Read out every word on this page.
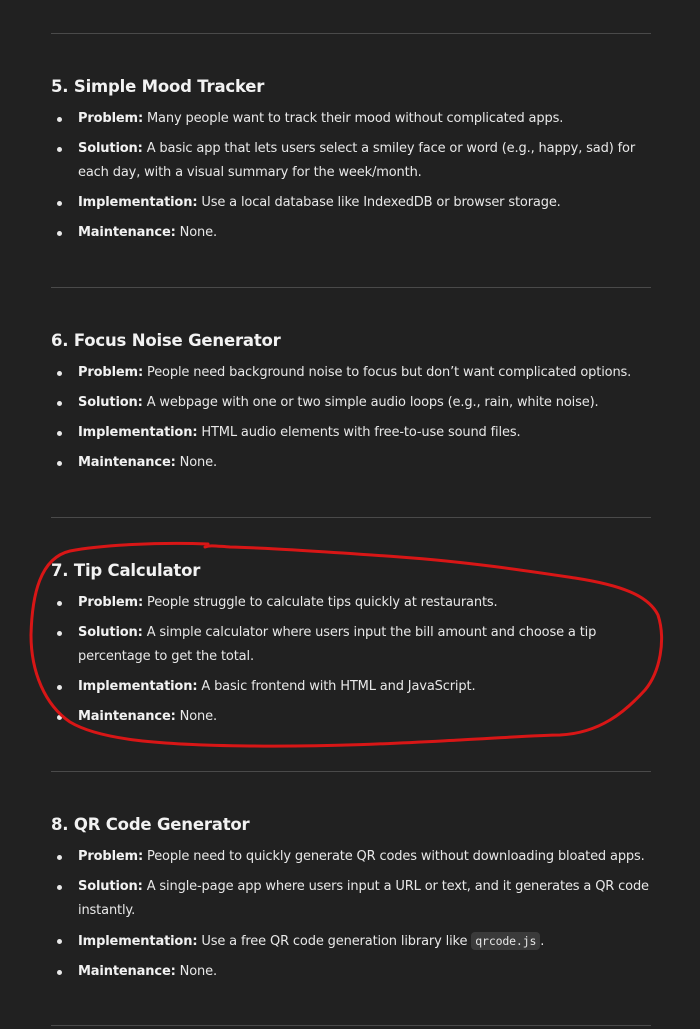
5. Simple Mood Tracker
Problem: Many people want to track their mood without complicated apps.
Solution: A basic app that lets users select a smiley face or word (e.g., happy, sad) for each day, with a visual summary for the week/month.
Implementation: Use a local database like IndexedDB or browser storage.
Maintenance: None.
6. Focus Noise Generator
Problem: People need background noise to focus but don’t want complicated options.
Solution: A webpage with one or two simple audio loops (e.g., rain, white noise).
Implementation: HTML audio elements with free-to-use sound files.
Maintenance: None.
7. Tip Calculator
Problem: People struggle to calculate tips quickly at restaurants.
Solution: A simple calculator where users input the bill amount and choose a tip percentage to get the total.
Implementation: A basic frontend with HTML and JavaScript.
Maintenance: None.
8. QR Code Generator
Problem: People need to quickly generate QR codes without downloading bloated apps.
Solution: A single-page app where users input a URL or text, and it generates a QR code instantly.
Implementation: Use a free QR code generation library like qrcode.js .
Maintenance: None.
